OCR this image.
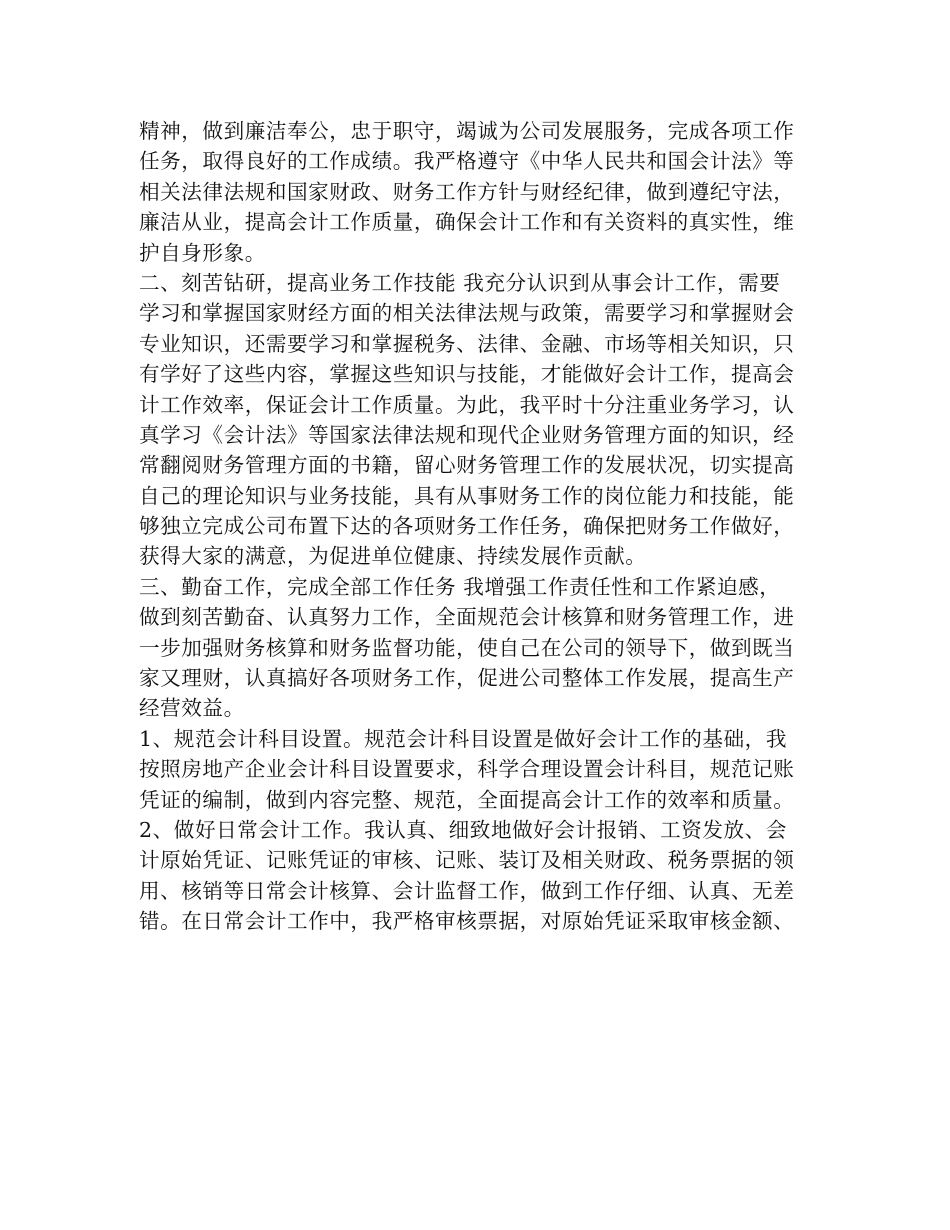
精神，做到廉洁奉公，忠于职守，竭诚为公司发展服务，完成各项工作
任务，取得良好的工作成绩。我严格遵守《中华人民共和国会计法》等
相关法律法规和国家财政、财务工作方针与财经纪律，做到遵纪守法，
廉洁从业，提高会计工作质量，确保会计工作和有关资料的真实性，维
护自身形象。
二、刻苦钻研，提高业务工作技能 我充分认识到从事会计工作，需要
学习和掌握国家财经方面的相关法律法规与政策，需要学习和掌握财会
专业知识，还需要学习和掌握税务、法律、金融、市场等相关知识，只
有学好了这些内容，掌握这些知识与技能，才能做好会计工作，提高会
计工作效率，保证会计工作质量。为此，我平时十分注重业务学习，认
真学习《会计法》等国家法律法规和现代企业财务管理方面的知识，经
常翻阅财务管理方面的书籍，留心财务管理工作的发展状况，切实提高
自己的理论知识与业务技能，具有从事财务工作的岗位能力和技能，能
够独立完成公司布置下达的各项财务工作任务，确保把财务工作做好，
获得大家的满意，为促进单位健康、持续发展作贡献。
三、勤奋工作，完成全部工作任务 我增强工作责任性和工作紧迫感，
做到刻苦勤奋、认真努力工作，全面规范会计核算和财务管理工作，进
一步加强财务核算和财务监督功能，使自己在公司的领导下，做到既当
家又理财，认真搞好各项财务工作，促进公司整体工作发展，提高生产
经营效益。
1、规范会计科目设置。规范会计科目设置是做好会计工作的基础，我
按照房地产企业会计科目设置要求，科学合理设置会计科目，规范记账
凭证的编制，做到内容完整、规范，全面提高会计工作的效率和质量。
2、做好日常会计工作。我认真、细致地做好会计报销、工资发放、会
计原始凭证、记账凭证的审核、记账、装订及相关财政、税务票据的领
用、核销等日常会计核算、会计监督工作，做到工作仔细、认真、无差
错。在日常会计工作中，我严格审核票据，对原始凭证采取审核金额、
